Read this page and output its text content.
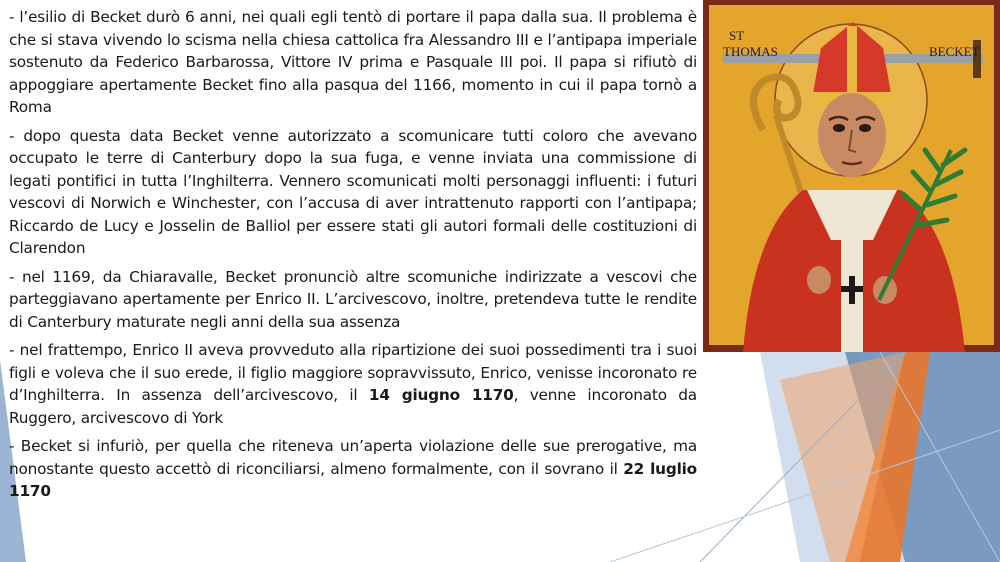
- l’esilio di Becket durò 6 anni, nei quali egli tentò di portare il papa dalla sua. Il problema è che si stava vivendo lo scisma nella chiesa cattolica fra Alessandro III e l’antipapa imperiale sostenuto da Federico Barbarossa, Vittore IV prima e Pasquale III poi. Il papa si rifiutò di appoggiare apertamente Becket fino alla pasqua del 1166, momento in cui il papa tornò a Roma

- dopo questa data Becket venne autorizzato a scomunicare tutti coloro che avevano occupato le terre di Canterbury dopo la sua fuga, e venne inviata una commissione di legati pontifici in tutta l’Inghilterra. Vennero scomunicati molti personaggi influenti: i futuri vescovi di Norwich e Winchester, con l’accusa di aver intrattenuto rapporti con l’antipapa; Riccardo de Lucy e Josselin de Balliol per essere stati gli autori formali delle costituzioni di Clarendon

- nel 1169, da Chiaravalle, Becket pronunciò altre scomuniche indirizzate a vescovi che parteggiavano apertamente per Enrico II. L’arcivescovo, inoltre, pretendeva tutte le rendite di Canterbury maturate negli anni della sua assenza

- nel frattempo, Enrico II aveva provveduto alla ripartizione dei suoi possedimenti tra i suoi figli e voleva che il suo erede, il figlio maggiore sopravvissuto, Enrico, venisse incoronato re d’Inghilterra. In assenza dell’arcivescovo, il 14 giugno 1170, venne incoronato da Ruggero, arcivescovo di York

- Becket si infuriò, per quella che riteneva un’aperta violazione delle sue prerogative, ma nonostante questo accettò di riconciliarsi, almeno formalmente, con il sovrano il 22 luglio 1170

ST
THOMAS	BECKET
